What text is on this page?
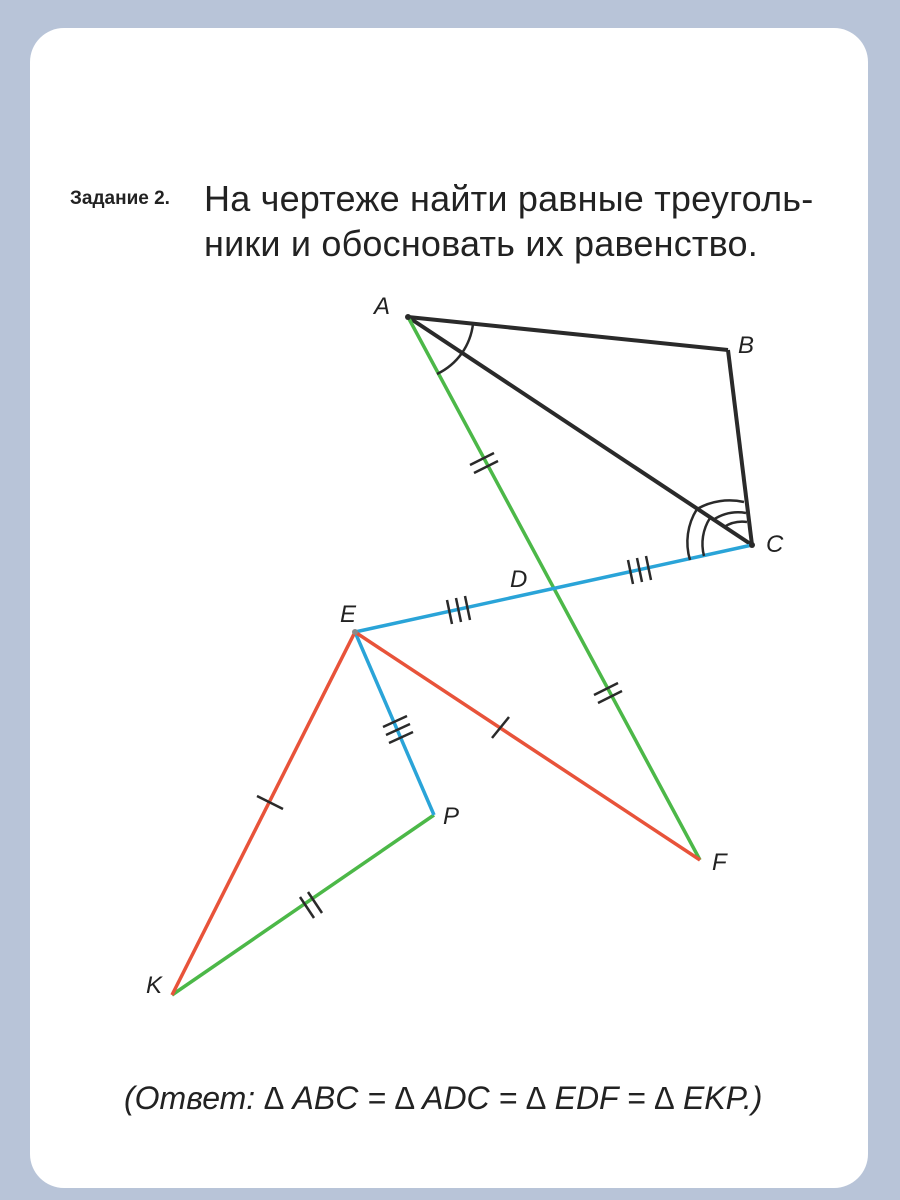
Задание 2. На чертеже найти равные треуголь-
ники и обосновать их равенство.
A
B
C
D
E
F
P
K
(Ответ: ∆ ABC = ∆ ADC = ∆ EDF = ∆ EKP.)
